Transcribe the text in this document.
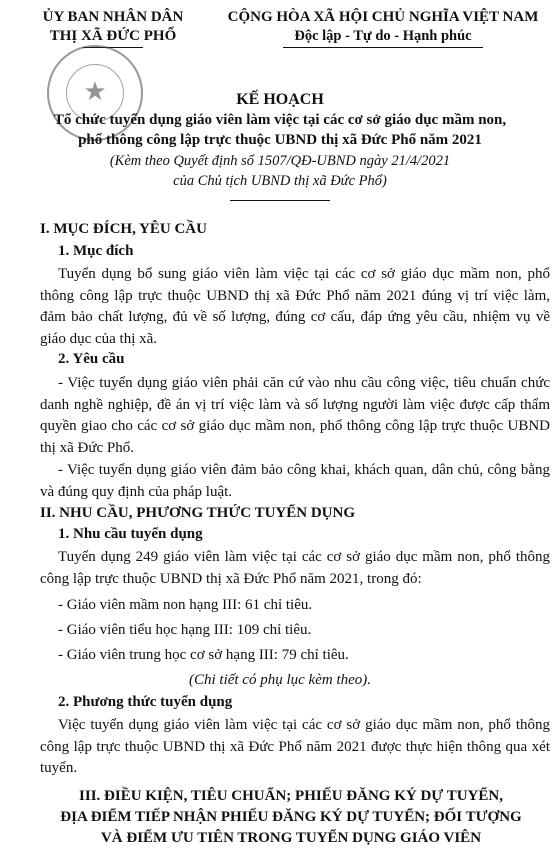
ỦY BAN NHÂN DÂN
THỊ XÃ ĐỨC PHỔ
CỘNG HÒA XÃ HỘI CHỦ NGHĨA VIỆT NAM
Độc lập - Tự do - Hạnh phúc
★	KẾ HOẠCH
Tổ chức tuyển dụng giáo viên làm việc tại các cơ sở giáo dục mầm non,
phổ thông công lập trực thuộc UBND thị xã Đức Phổ năm 2021
(Kèm theo Quyết định số 1507/QĐ-UBND ngày 21/4/2021
của Chủ tịch UBND thị xã Đức Phổ)
I. MỤC ĐÍCH, YÊU CẦU
1. Mục đích
Tuyển dụng bổ sung giáo viên làm việc tại các cơ sở giáo dục mầm non, phổ thông công lập trực thuộc UBND thị xã Đức Phổ năm 2021 đúng vị trí việc làm, đảm bảo chất lượng, đủ về số lượng, đúng cơ cấu, đáp ứng yêu cầu, nhiệm vụ về giáo dục của thị xã.
2. Yêu cầu
- Việc tuyển dụng giáo viên phải căn cứ vào nhu cầu công việc, tiêu chuẩn chức danh nghề nghiệp, đề án vị trí việc làm và số lượng người làm việc được cấp thẩm quyền giao cho các cơ sở giáo dục mầm non, phổ thông công lập trực thuộc UBND thị xã Đức Phổ.
- Việc tuyển dụng giáo viên đảm bảo công khai, khách quan, dân chủ, công bằng và đúng quy định của pháp luật.
II. NHU CẦU, PHƯƠNG THỨC TUYỂN DỤNG
1. Nhu cầu tuyển dụng
Tuyển dụng 249 giáo viên làm việc tại các cơ sở giáo dục mầm non, phổ thông công lập trực thuộc UBND thị xã Đức Phổ năm 2021, trong đó:
- Giáo viên mầm non hạng III: 61 chỉ tiêu.
- Giáo viên tiểu học hạng III: 109 chỉ tiêu.
- Giáo viên trung học cơ sở hạng III: 79 chỉ tiêu.
(Chi tiết có phụ lục kèm theo).
2. Phương thức tuyển dụng
Việc tuyển dụng giáo viên làm việc tại các cơ sở giáo dục mầm non, phổ thông công lập trực thuộc UBND thị xã Đức Phổ năm 2021 được thực hiện thông qua xét tuyển.
III. ĐIỀU KIỆN, TIÊU CHUẨN; PHIẾU ĐĂNG KÝ DỰ TUYỂN,
ĐỊA ĐIỂM TIẾP NHẬN PHIẾU ĐĂNG KÝ DỰ TUYỂN; ĐỐI TƯỢNG
VÀ ĐIỂM ƯU TIÊN TRONG TUYỂN DỤNG GIÁO VIÊN
